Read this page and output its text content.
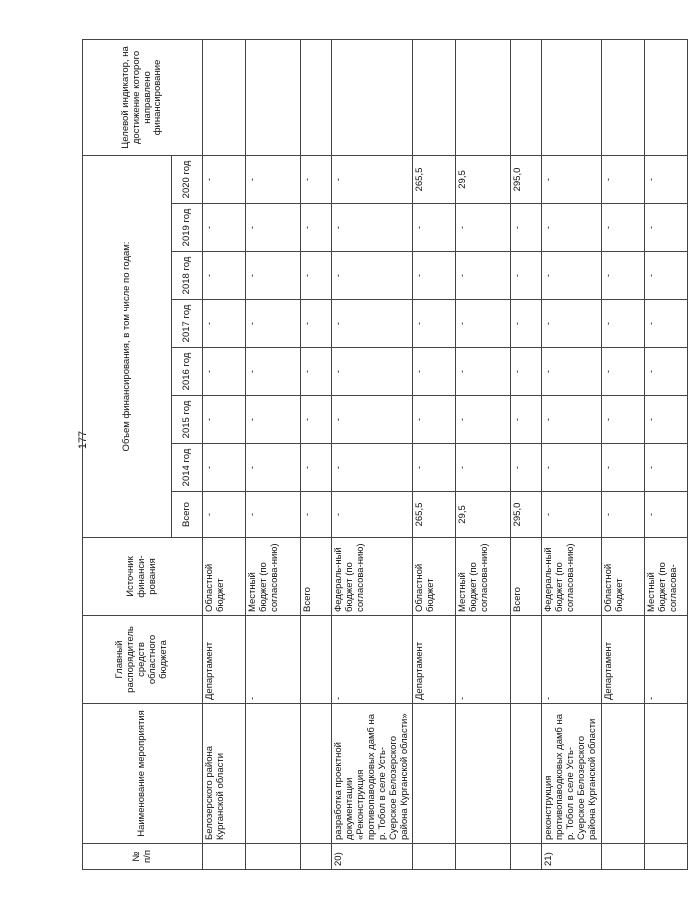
177
№ п/п	Наименование мероприятия	Главный распорядитель средств областного бюджета	Источник финанси-рования	Объем финансирования, в том числе по годам:								Целевой индикатор, на достижение которого направлено финансирование
				Всего	2014 год	2015 год	2016 год	2017 год	2018 год	2019 год	2020 год	
	Белозерского района Курганской области	Департамент	Областной бюджет	-	-	-	-	-	-	-	-	
		-	Местный бюджет (по согласова-нию)	-	-	-	-	-	-	-	-	
			Всего	-	-	-	-	-	-	-	-	
20)	разработка проектной документации «Реконструкция противопаводковых дамб на р. Тобол в селе Усть-Суерское Белозерского района Курганской области»	-	Федераль-ный бюджет (по согласова-нию)	-	-	-	-	-	-	-	-	
		Департамент	Областной бюджет	265,5	-	-	-	-	-	-	265,5	
		-	Местный бюджет (по согласова-нию)	29,5	-	-	-	-	-	-	29,5	
			Всего	295,0	-	-	-	-	-	-	295,0	
21)	реконструкция противопаводковых дамб на р. Тобол в селе Усть-Суерское Белозерского района Курганской области	-	Федераль-ный бюджет (по согласова-нию)	-	-	-	-	-	-	-	-	
		Департамент	Областной бюджет	-	-	-	-	-	-	-	-	
		-	Местный бюджет (по согласова-	-	-	-	-	-	-	-	-	
